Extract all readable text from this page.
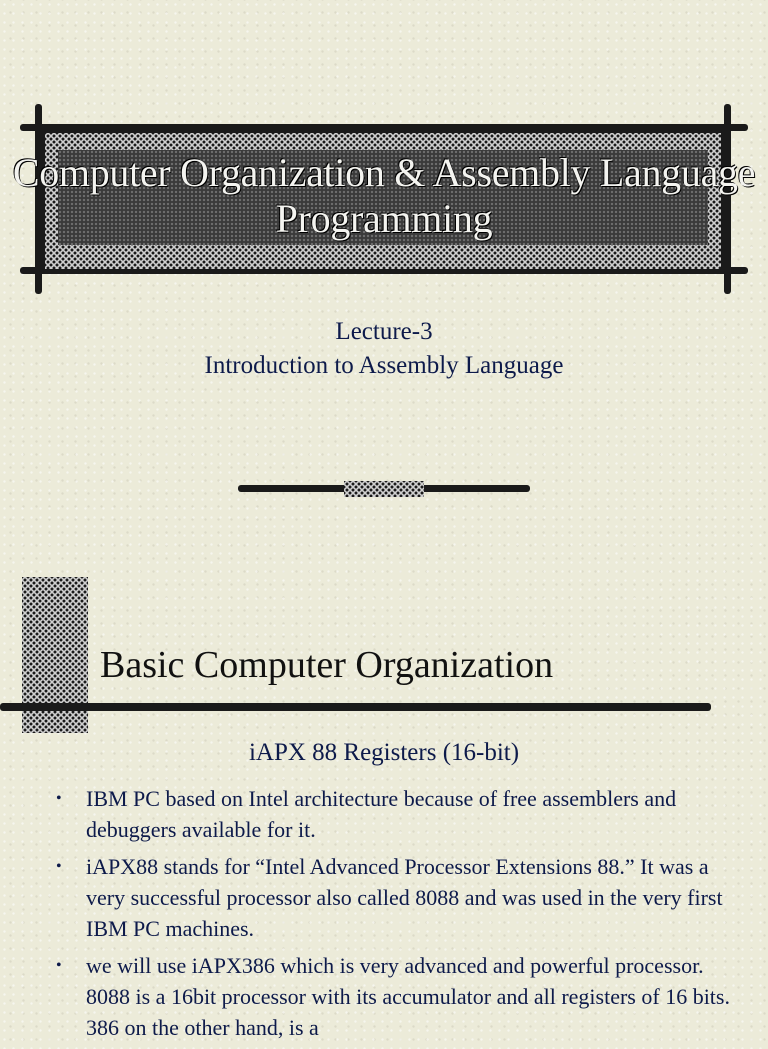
Computer Organization & Assembly Language Programming
Lecture-3
Introduction to Assembly Language
Basic Computer Organization
iAPX 88 Registers (16-bit)
• IBM PC based on Intel architecture because of free assemblers and debuggers available for it.
• iAPX88 stands for “Intel Advanced Processor Extensions 88.” It was a very successful processor also called 8088 and was used in the very first IBM PC machines.
• we will use iAPX386 which is very advanced and powerful processor. 8088 is a 16bit processor with its accumulator and all registers of 16 bits. 386 on the other hand, is a
